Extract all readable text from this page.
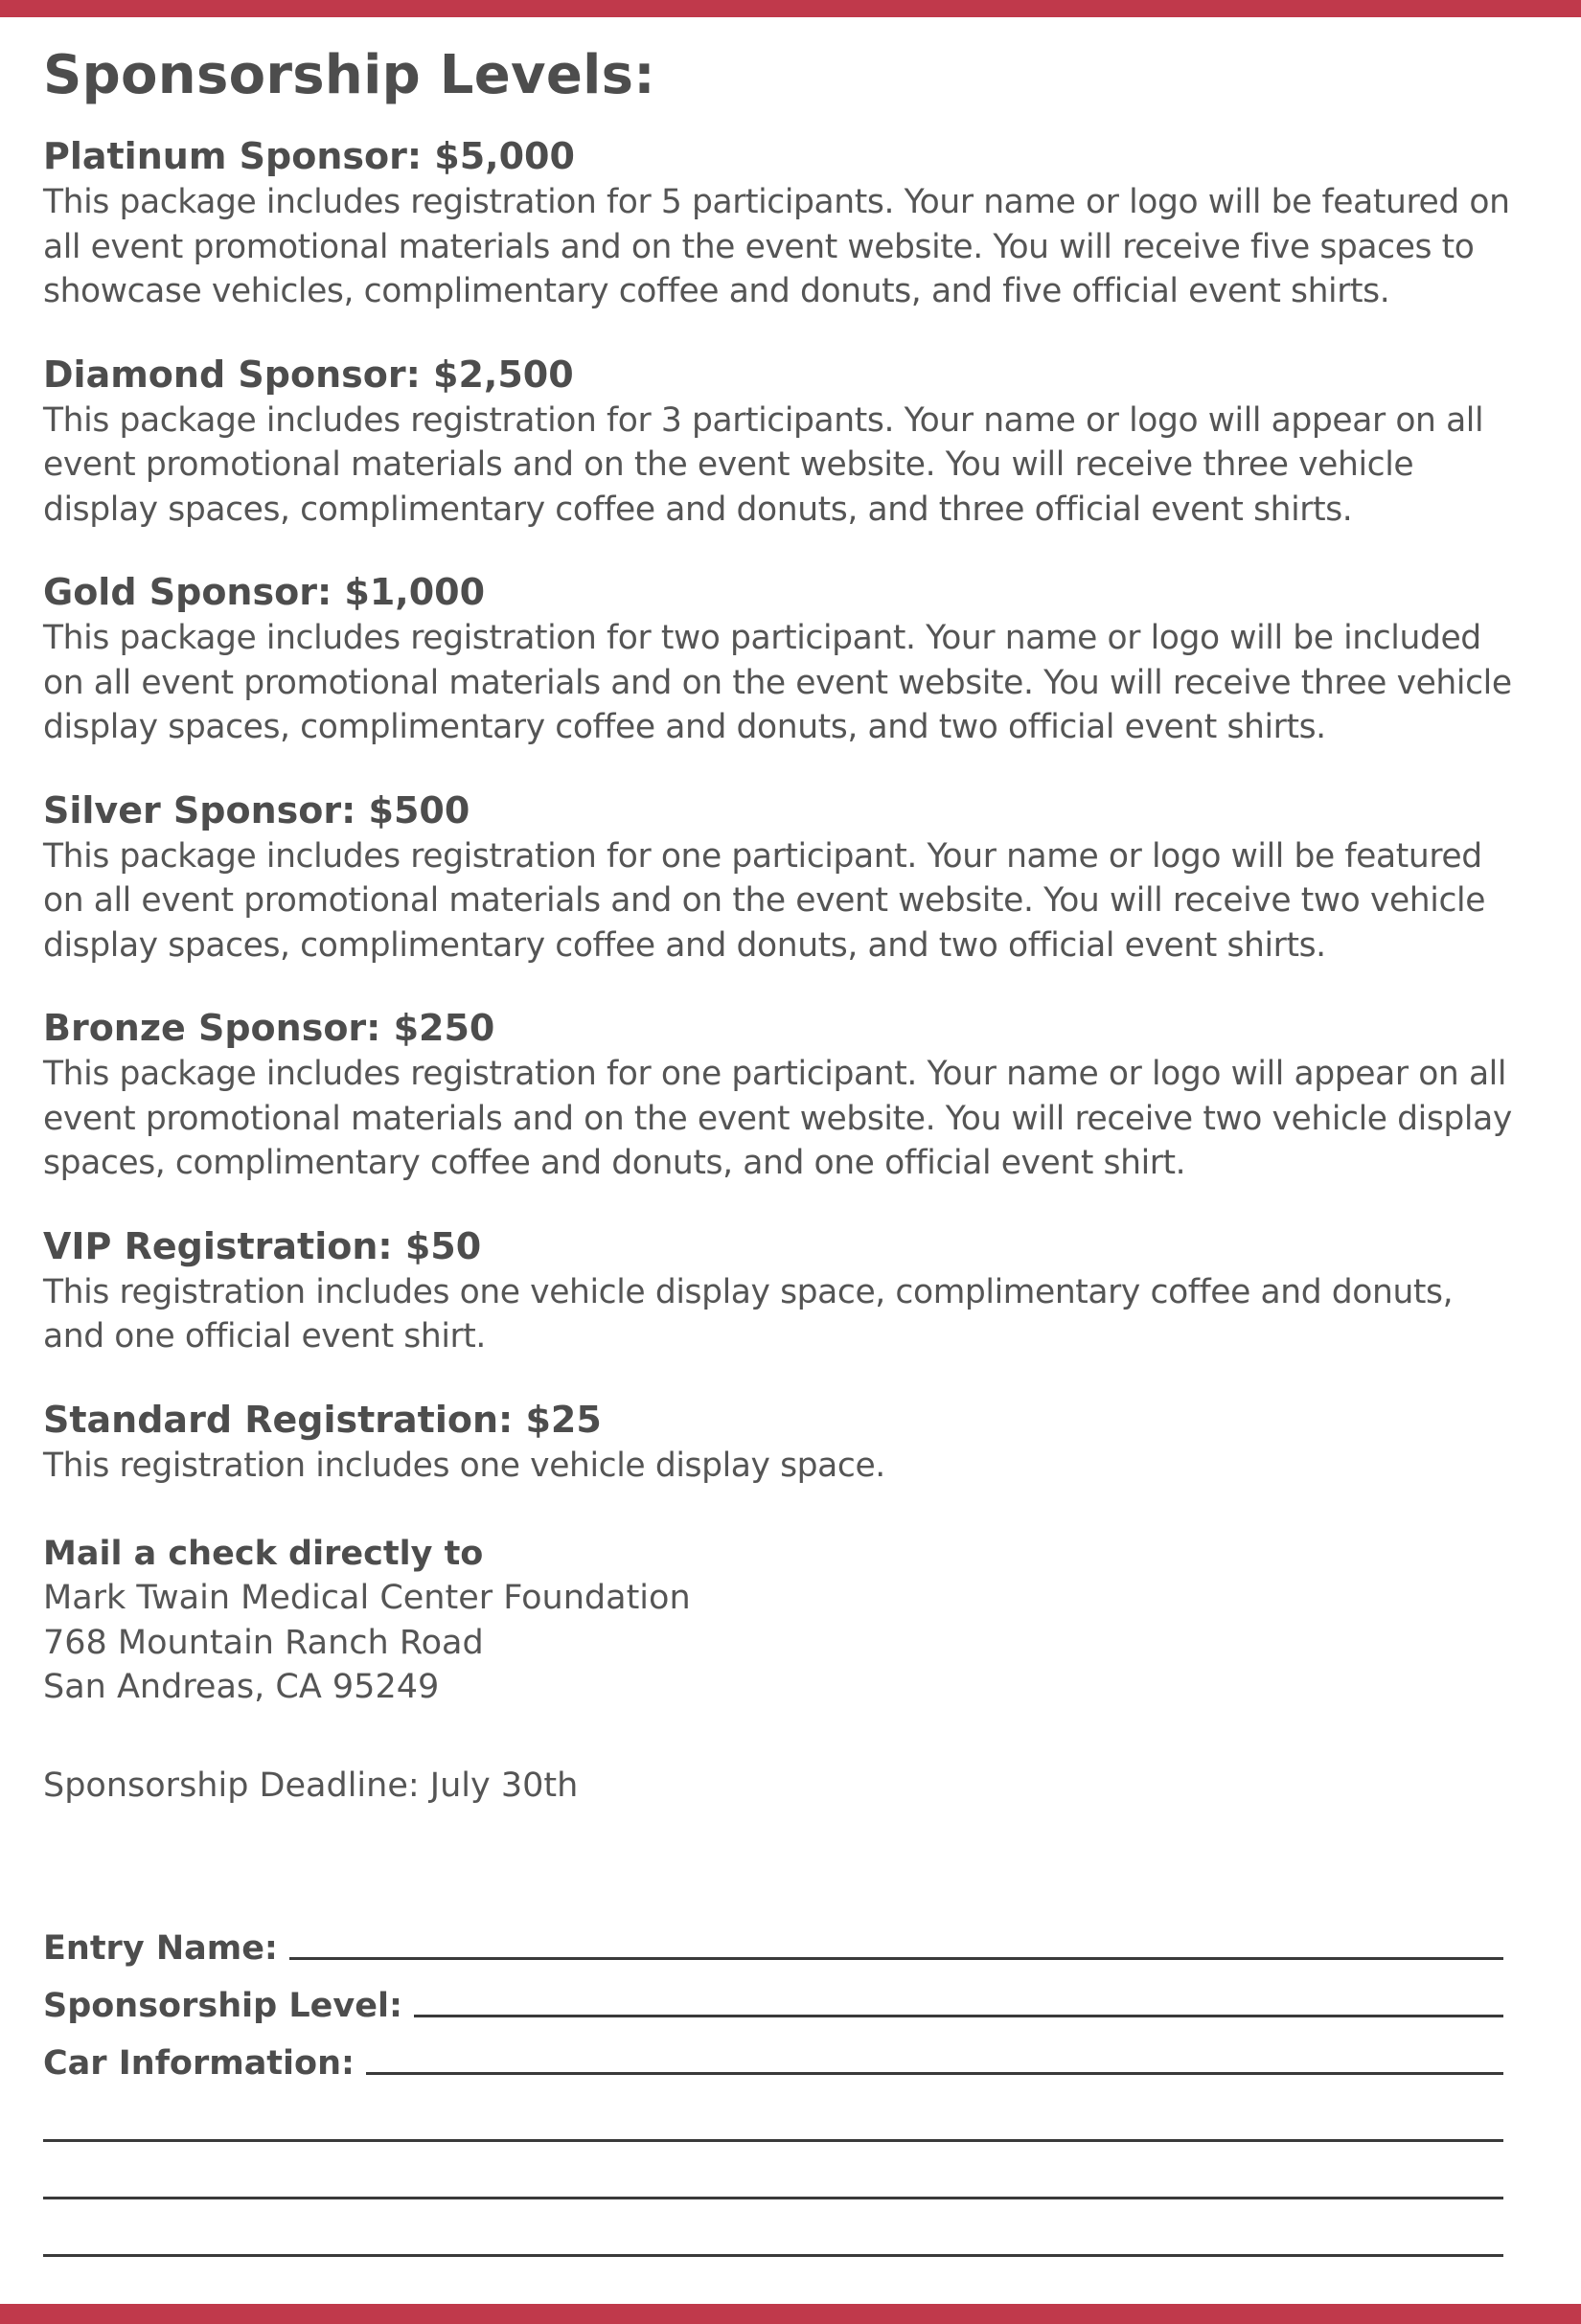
Sponsorship Levels:

Platinum Sponsor: $5,000

This package includes registration for 5 participants. Your name or logo will be featured on

all event promotional materials and on the event website. You will receive five spaces to

showcase vehicles, complimentary coffee and donuts, and five official event shirts.

Diamond Sponsor: $2,500

This package includes registration for 3 participants. Your name or logo will appear on all

event promotional materials and on the event website. You will receive three vehicle

display spaces, complimentary coffee and donuts, and three official event shirts.

Gold Sponsor: $1,000

This package includes registration for two participant. Your name or logo will be included

on all event promotional materials and on the event website. You will receive three vehicle

display spaces, complimentary coffee and donuts, and two official event shirts.

Silver Sponsor: $500

This package includes registration for one participant. Your name or logo will be featured

on all event promotional materials and on the event website. You will receive two vehicle

display spaces, complimentary coffee and donuts, and two official event shirts.

Bronze Sponsor: $250

This package includes registration for one participant. Your name or logo will appear on all

event promotional materials and on the event website. You will receive two vehicle display

spaces, complimentary coffee and donuts, and one official event shirt.

VIP Registration: $50

This registration includes one vehicle display space, complimentary coffee and donuts,

and one official event shirt.

Standard Registration: $25

This registration includes one vehicle display space.

Mail a check directly to

Mark Twain Medical Center Foundation

768 Mountain Ranch Road

San Andreas, CA 95249

Sponsorship Deadline: July 30th

Entry Name:
Sponsorship Level:
Car Information:
